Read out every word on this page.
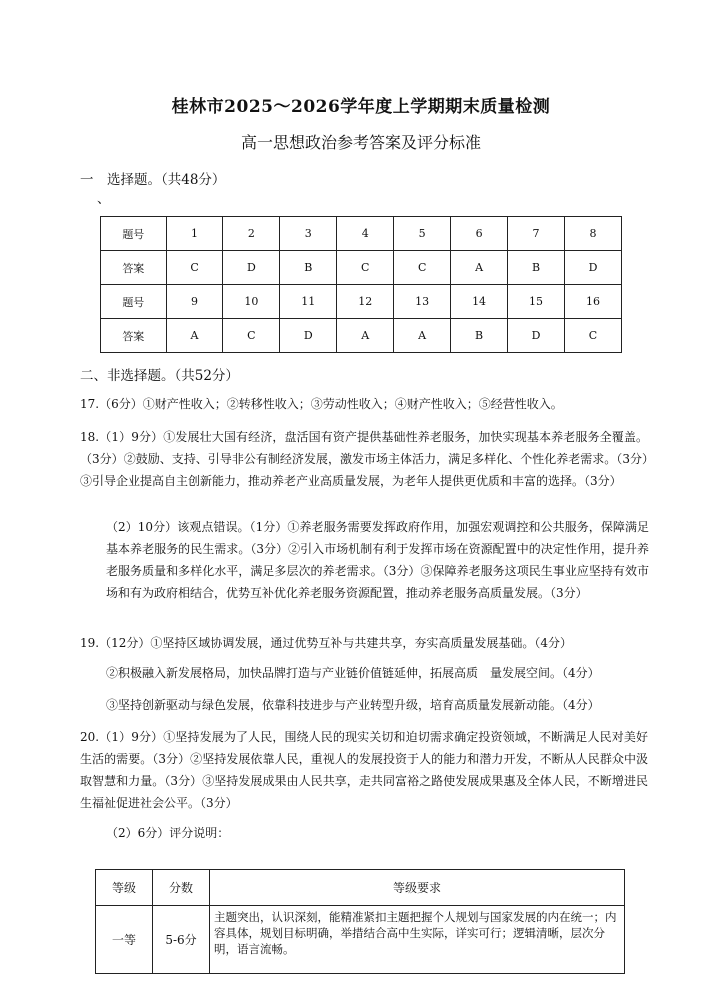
桂林市2025～2026学年度上学期期末质量检测
高一思想政治参考答案及评分标准
一　选择题。（共48分）
、
题号	1	2	3	4	5	6	7	8
答案	C	D	B	C	C	A	B	D
题号	9	10	11	12	13	14	15	16
答案	A	C	D	A	A	B	D	C
二、非选择题。（共52分）
17.（6分）①财产性收入；②转移性收入；③劳动性收入；④财产性收入；⑤经营性收入。
18.（1）9分）①发展壮大国有经济，盘活国有资产提供基础性养老服务，加快实现基本养老服务全覆盖。（3分）②鼓励、支持、引导非公有制经济发展，激发市场主体活力，满足多样化、个性化养老需求。（3分）③引导企业提高自主创新能力，推动养老产业高质量发展，为老年人提供更优质和丰富的选择。（3分）
（2）10分）该观点错误。（1分）①养老服务需要发挥政府作用，加强宏观调控和公共服务，保障满足基本养老服务的民生需求。（3分）②引入市场机制有利于发挥市场在资源配置中的决定性作用，提升养老服务质量和多样化水平，满足多层次的养老需求。（3分）③保障养老服务这项民生事业应坚持有效市场和有为政府相结合，优势互补优化养老服务资源配置，推动养老服务高质量发展。（3分）
19.（12分）①坚持区域协调发展，通过优势互补与共建共享，夯实高质量发展基础。（4分）
②积极融入新发展格局，加快品牌打造与产业链价值链延伸，拓展高质　量发展空间。（4分）
③坚持创新驱动与绿色发展，依靠科技进步与产业转型升级，培育高质量发展新动能。（4分）
20.（1）9分）①坚持发展为了人民，围绕人民的现实关切和迫切需求确定投资领域，不断满足人民对美好生活的需要。（3分）②坚持发展依靠人民，重视人的发展投资于人的能力和潜力开发，不断从人民群众中汲取智慧和力量。（3分）③坚持发展成果由人民共享，走共同富裕之路使发展成果惠及全体人民，不断增进民生福祉促进社会公平。（3分）
（2）6分）评分说明：
等级	分数	等级要求
一等	5-6分	主题突出，认识深刻，能精准紧扣主题把握个人规划与国家发展的内在统一；内容具体，规划目标明确，举措结合高中生实际，详实可行；逻辑清晰，层次分明，语言流畅。
